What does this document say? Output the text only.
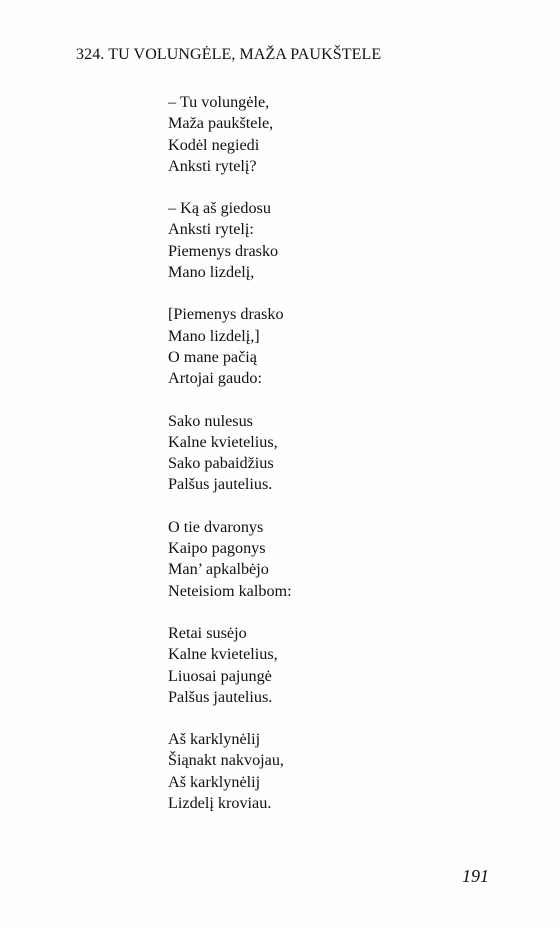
324. TU VOLUNGĖLE, MAŽA PAUKŠTELE
– Tu volungėle,
Maža paukštele,
Kodėl negiedi
Anksti rytelį?
– Ką aš giedosu
Anksti rytelį:
Piemenys drasko
Mano lizdelį,
[Piemenys drasko
Mano lizdelį,]
O mane pačią
Artojai gaudo:
Sako nulesus
Kalne kvietelius,
Sako pabaidžius
Palšus jautelius.
O tie dvaronys
Kaipo pagonys
Man’ apkalbėjo
Neteisiom kalbom:
Retai susėjo
Kalne kvietelius,
Liuosai pajungė
Palšus jautelius.
Aš karklynėlij
Šiąnakt nakvojau,
Aš karklynėlij
Lizdelį kroviau.
191
